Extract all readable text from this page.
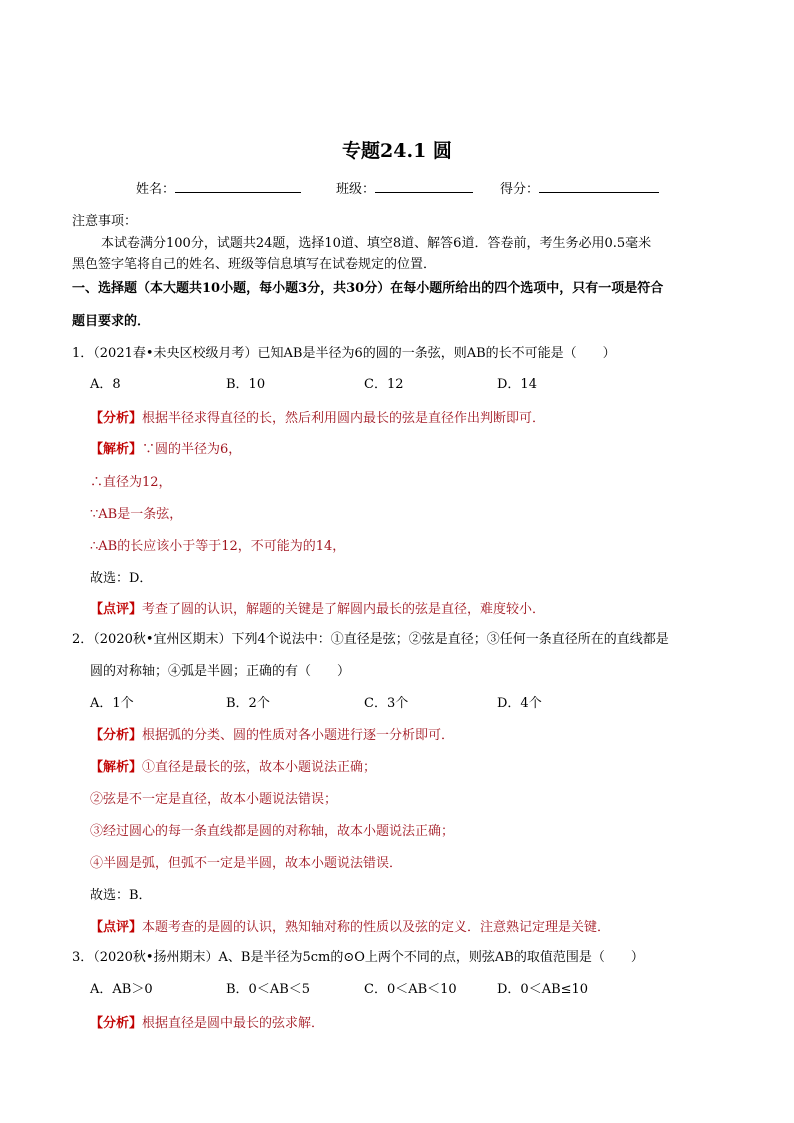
专题24.1 圆
姓名：	班级：	得分：
注意事项：
本试卷满分100分，试题共24题，选择10道、填空8道、解答6道．答卷前，考生务必用0.5毫米
黑色签字笔将自己的姓名、班级等信息填写在试卷规定的位置．
一、选择题（本大题共10小题，每小题3分，共30分）在每小题所给出的四个选项中，只有一项是符合
题目要求的．
1．（2021春•未央区校级月考）已知AB是半径为6的圆的一条弦，则AB的长不可能是（　　）
A．8	B．10	C．12	D．14
【分析】根据半径求得直径的长，然后利用圆内最长的弦是直径作出判断即可．
【解析】∵圆的半径为6，
∴直径为12，
∵AB是一条弦，
∴AB的长应该小于等于12，不可能为的14，
故选：D．
【点评】考查了圆的认识，解题的关键是了解圆内最长的弦是直径，难度较小．
2．（2020秋•宜州区期末）下列4个说法中：①直径是弦；②弦是直径；③任何一条直径所在的直线都是
圆的对称轴；④弧是半圆；正确的有（　　）
A．1个	B．2个	C．3个	D．4个
【分析】根据弧的分类、圆的性质对各小题进行逐一分析即可．
【解析】①直径是最长的弦，故本小题说法正确；
②弦是不一定是直径，故本小题说法错误；
③经过圆心的每一条直线都是圆的对称轴，故本小题说法正确；
④半圆是弧，但弧不一定是半圆，故本小题说法错误．
故选：B．
【点评】本题考查的是圆的认识，熟知轴对称的性质以及弦的定义．注意熟记定理是关键．
3．（2020秋•扬州期末）A、B是半径为5cm的⊙O上两个不同的点，则弦AB的取值范围是（　　）
A．AB＞0	B．0＜AB＜5	C．0＜AB＜10	D．0＜AB≤10
【分析】根据直径是圆中最长的弦求解．
